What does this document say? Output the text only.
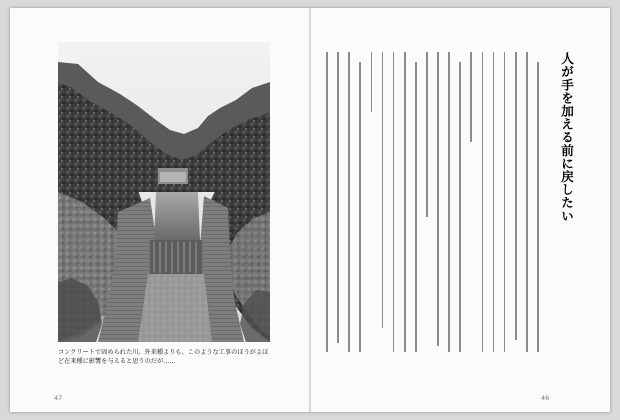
コンクリートで固められた川。外来種よりも、このような工事のほうがよほど在来種に影響を与えると思うのだが……
47
人が手を加える前に戻したい
46
